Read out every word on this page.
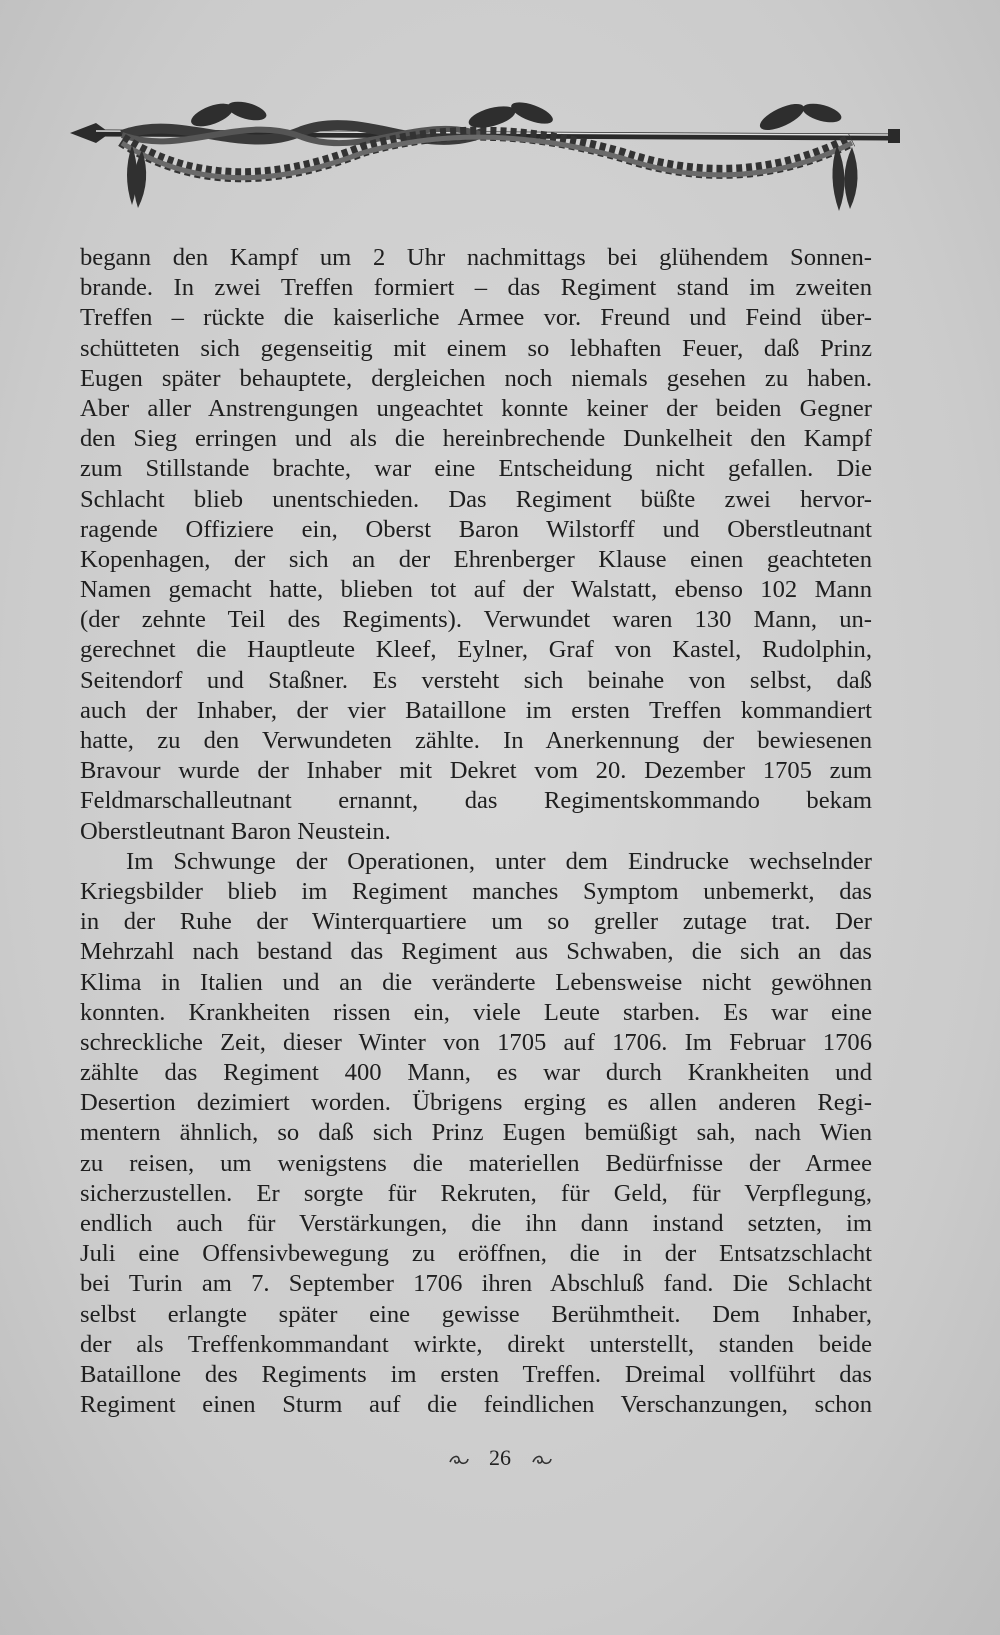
begann den Kampf um 2 Uhr nachmittags bei glühendem Sonnen-
brande. In zwei Treffen formiert – das Regiment stand im zweiten
Treffen – rückte die kaiserliche Armee vor. Freund und Feind über-
schütteten sich gegenseitig mit einem so lebhaften Feuer, daß Prinz
Eugen später behauptete, dergleichen noch niemals gesehen zu haben.
Aber aller Anstrengungen ungeachtet konnte keiner der beiden Gegner
den Sieg erringen und als die hereinbrechende Dunkelheit den Kampf
zum Stillstande brachte, war eine Entscheidung nicht gefallen. Die
Schlacht blieb unentschieden. Das Regiment büßte zwei hervor-
ragende Offiziere ein, Oberst Baron Wilstorff und Oberstleutnant
Kopenhagen, der sich an der Ehrenberger Klause einen geachteten
Namen gemacht hatte, blieben tot auf der Walstatt, ebenso 102 Mann
(der zehnte Teil des Regiments). Verwundet waren 130 Mann, un-
gerechnet die Hauptleute Kleef, Eylner, Graf von Kastel, Rudolphin,
Seitendorf und Staßner. Es versteht sich beinahe von selbst, daß
auch der Inhaber, der vier Bataillone im ersten Treffen kommandiert
hatte, zu den Verwundeten zählte. In Anerkennung der bewiesenen
Bravour wurde der Inhaber mit Dekret vom 20. Dezember 1705 zum
Feldmarschalleutnant ernannt, das Regimentskommando bekam
Oberstleutnant Baron Neustein.
Im Schwunge der Operationen, unter dem Eindrucke wechselnder
Kriegsbilder blieb im Regiment manches Symptom unbemerkt, das
in der Ruhe der Winterquartiere um so greller zutage trat. Der
Mehrzahl nach bestand das Regiment aus Schwaben, die sich an das
Klima in Italien und an die veränderte Lebensweise nicht gewöhnen
konnten. Krankheiten rissen ein, viele Leute starben. Es war eine
schreckliche Zeit, dieser Winter von 1705 auf 1706. Im Februar 1706
zählte das Regiment 400 Mann, es war durch Krankheiten und
Desertion dezimiert worden. Übrigens erging es allen anderen Regi-
mentern ähnlich, so daß sich Prinz Eugen bemüßigt sah, nach Wien
zu reisen, um wenigstens die materiellen Bedürfnisse der Armee
sicherzustellen. Er sorgte für Rekruten, für Geld, für Verpflegung,
endlich auch für Verstärkungen, die ihn dann instand setzten, im
Juli eine Offensivbewegung zu eröffnen, die in der Entsatzschlacht
bei Turin am 7. September 1706 ihren Abschluß fand. Die Schlacht
selbst erlangte später eine gewisse Berühmtheit. Dem Inhaber,
der als Treffenkommandant wirkte, direkt unterstellt, standen beide
Bataillone des Regiments im ersten Treffen. Dreimal vollführt das
Regiment einen Sturm auf die feindlichen Verschanzungen, schon
26
